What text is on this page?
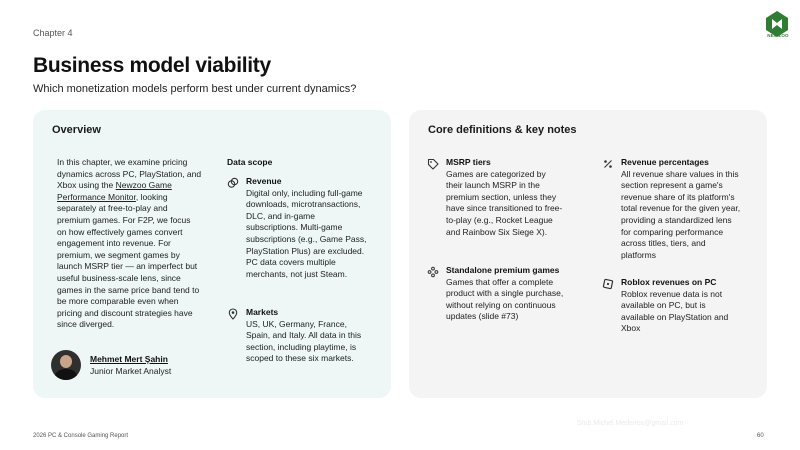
Chapter 4	NEWZOO
Business model viability
Which monetization models perform best under current dynamics?
Overview
In this chapter, we examine pricing dynamics across PC, PlayStation, and Xbox using the Newzoo Game Performance Monitor, looking separately at free-to-play and premium games. For F2P, we focus on how effectively games convert engagement into revenue. For premium, we segment games by launch MSRP tier — an imperfect but useful business-scale lens, since games in the same price band tend to be more comparable even when pricing and discount strategies have since diverged.
Mehmet Mert Şahin
Junior Market Analyst
Data scope
Revenue
Digital only, including full-game downloads, microtransactions, DLC, and in-game subscriptions. Multi-game subscriptions (e.g., Game Pass, PlayStation Plus) are excluded. PC data covers multiple merchants, not just Steam.
Markets
US, UK, Germany, France, Spain, and Italy. All data in this section, including playtime, is scoped to these six markets.
Core definitions & key notes
MSRP tiers
Games are categorized by their launch MSRP in the premium section, unless they have since transitioned to free-to-play (e.g., Rocket League and Rainbow Six Siege X).
Standalone premium games
Games that offer a complete product with a single purchase, without relying on continuous updates (slide #73)
Revenue percentages
All revenue share values in this section represent a game's revenue share of its platform's total revenue for the given year, providing a standardized lens for comparing performance across titles, tiers, and platforms
Roblox revenues on PC
Roblox revenue data is not available on PC, but is available on PlayStation and Xbox
Stub.Michel.Medeiros@gmail.com
2026 PC & Console Gaming Report	60
